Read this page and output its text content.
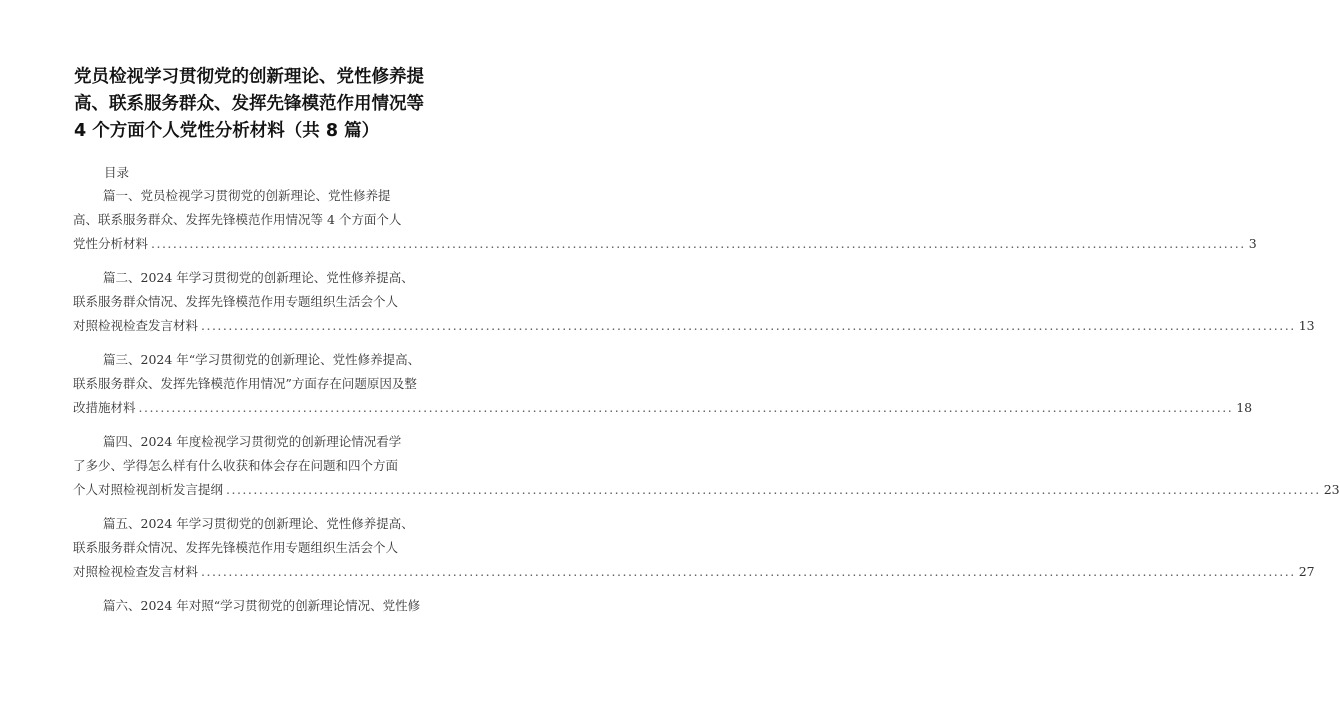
党员检视学习贯彻党的创新理论、党性修养提
高、联系服务群众、发挥先锋模范作用情况等
4 个方面个人党性分析材料（共 8 篇）
目录
篇一、党员检视学习贯彻党的创新理论、党性修养提
高、联系服务群众、发挥先锋模范作用情况等 4 个方面个人
党性分析材料 ........................................................................................................................................................................................................ 3
篇二、2024 年学习贯彻党的创新理论、党性修养提高、
联系服务群众情况、发挥先锋模范作用专题组织生活会个人
对照检视检查发言材料 ........................................................................................................................................................................................................ 13
篇三、2024 年“学习贯彻党的创新理论、党性修养提高、
联系服务群众、发挥先锋模范作用情况”方面存在问题原因及整
改措施材料 ........................................................................................................................................................................................................ 18
篇四、2024 年度检视学习贯彻党的创新理论情况看学
了多少、学得怎么样有什么收获和体会存在问题和四个方面
个人对照检视剖析发言提纲 ........................................................................................................................................................................................................ 23
篇五、2024 年学习贯彻党的创新理论、党性修养提高、
联系服务群众情况、发挥先锋模范作用专题组织生活会个人
对照检视检查发言材料 ........................................................................................................................................................................................................ 27
篇六、2024 年对照“学习贯彻党的创新理论情况、党性修
